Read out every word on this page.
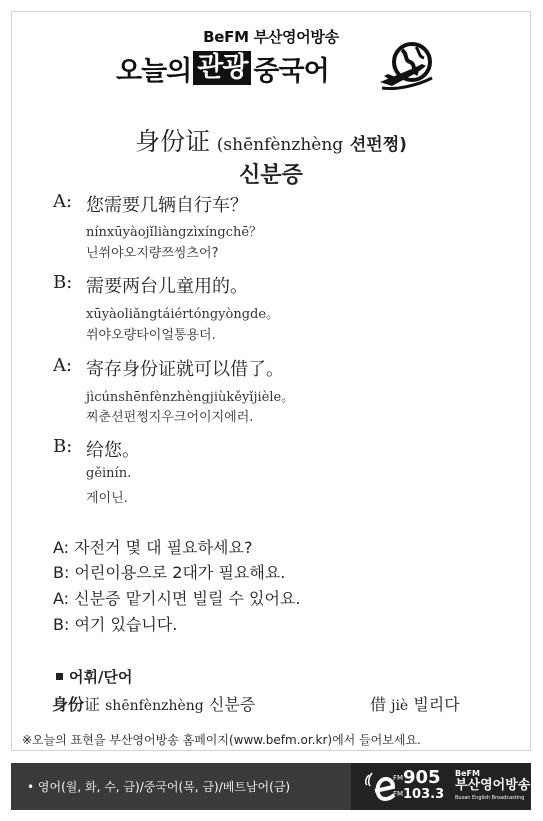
BeFM 부산영어방송
오늘의 관광 중국어
身份证 (shēnfènzhèng 션펀쩡)
신분증
A: 您需要几辆自行车？
nínxūyàojǐliàngzìxíngchē？
닌쒸야오지량쯔씽츠어?
B: 需要两台儿童用的。
xūyàoliǎngtáiértóngyòngde。
쒸야오량타이얼통용더.
A: 寄存身份证就可以借了。
jìcúnshēnfènzhèngjiùkěyǐjièle。
찌춘션펀쩡지우크어이지에러.
B: 给您。
gěinín.
게이닌.
A: 자전거 몇 대 필요하세요?
B: 어린이용으로 2대가 필요해요.
A: 신분증 맡기시면 빌릴 수 있어요.
B: 여기 있습니다.
어휘/단어
身份证 shēnfènzhèng 신분증	借 jiè 빌리다
※오늘의 표현을 부산영어방송 홈페이지(www.befm.or.kr)에서 들어보세요.
• 영어(월, 화, 수, 금)/중국어(목, 금)/베트남어(금)
FM
FM
905
103.3
BeFM
부산영어방송
Busan English Broadcasting
